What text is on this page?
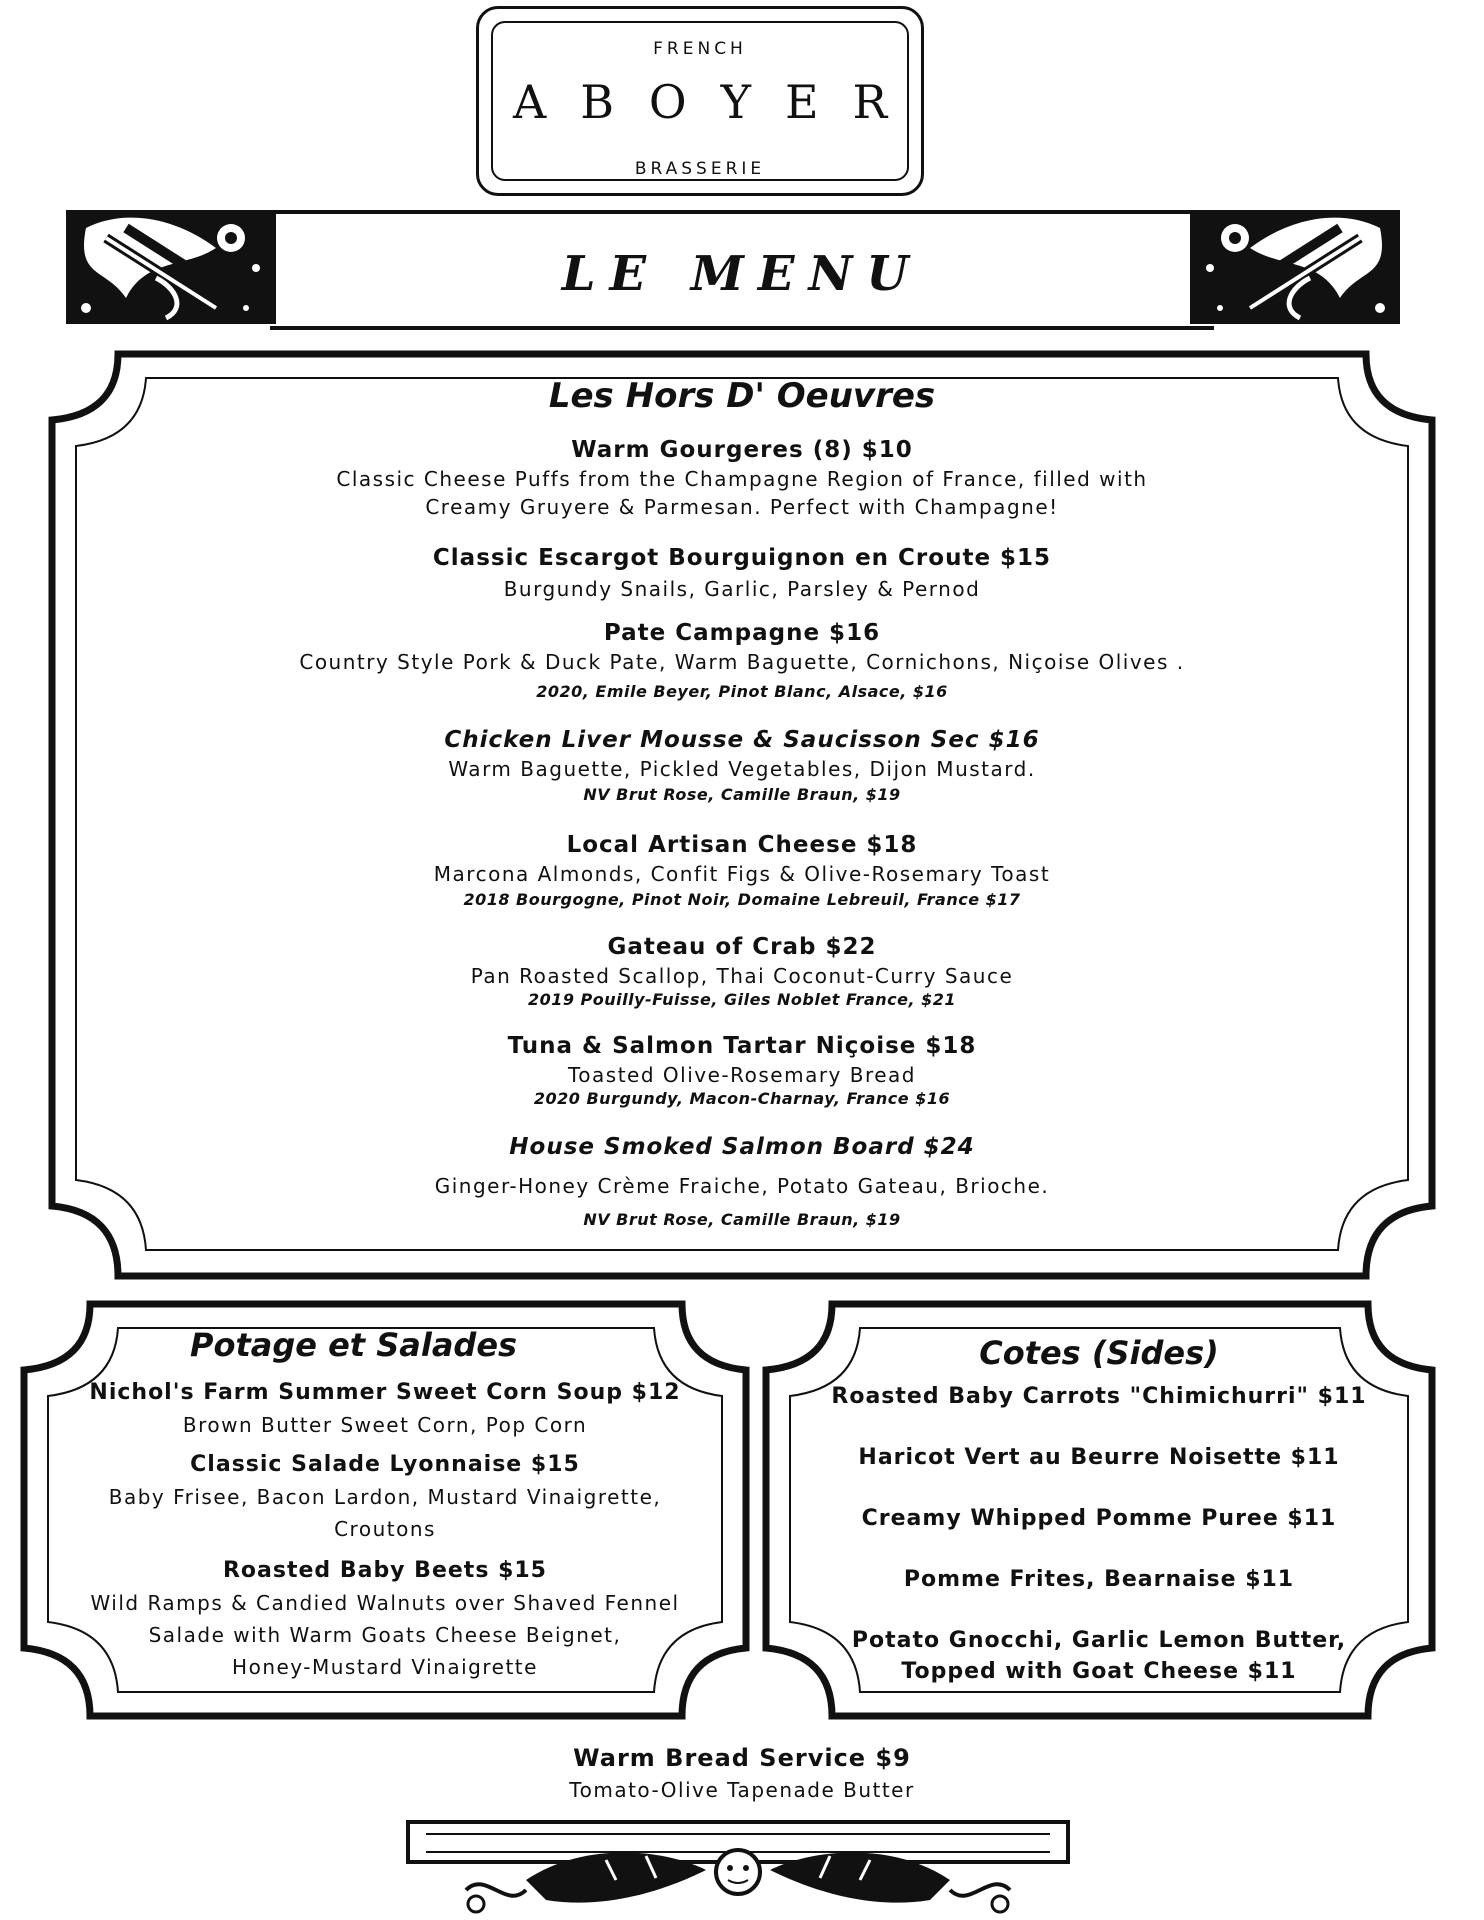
FRENCH
ABOYER
BRASSERIE
LE MENU
Les Hors D' Oeuvres
Warm Gourgeres (8) $10
Classic Cheese Puffs from the Champagne Region of France, filled with
Creamy Gruyere & Parmesan. Perfect with Champagne!
Classic Escargot Bourguignon en Croute $15
Burgundy Snails, Garlic, Parsley & Pernod
Pate Campagne $16
Country Style Pork & Duck Pate, Warm Baguette, Cornichons, Niçoise Olives .
2020, Emile Beyer, Pinot Blanc, Alsace, $16
Chicken Liver Mousse & Saucisson Sec $16
Warm Baguette, Pickled Vegetables, Dijon Mustard.
NV Brut Rose, Camille Braun, $19
Local Artisan Cheese $18
Marcona Almonds, Confit Figs & Olive-Rosemary Toast
2018 Bourgogne, Pinot Noir, Domaine Lebreuil, France $17
Gateau of Crab $22
Pan Roasted Scallop, Thai Coconut-Curry Sauce
2019 Pouilly-Fuisse, Giles Noblet France, $21
Tuna & Salmon Tartar Niçoise $18
Toasted Olive-Rosemary Bread
2020 Burgundy, Macon-Charnay, France $16
House Smoked Salmon Board $24
Ginger-Honey Crème Fraiche, Potato Gateau, Brioche.
NV Brut Rose, Camille Braun, $19
Potage et Salades
Nichol's Farm Summer Sweet Corn Soup $12
Brown Butter Sweet Corn, Pop Corn
Classic Salade Lyonnaise $15
Baby Frisee, Bacon Lardon, Mustard Vinaigrette,
Croutons
Roasted Baby Beets $15
Wild Ramps & Candied Walnuts over Shaved Fennel
Salade with Warm Goats Cheese Beignet,
Honey-Mustard Vinaigrette
Cotes (Sides)
Roasted Baby Carrots "Chimichurri" $11
Haricot Vert au Beurre Noisette $11
Creamy Whipped Pomme Puree $11
Pomme Frites, Bearnaise $11
Potato Gnocchi, Garlic Lemon Butter,
Topped with Goat Cheese $11
Warm Bread Service $9
Tomato-Olive Tapenade Butter
